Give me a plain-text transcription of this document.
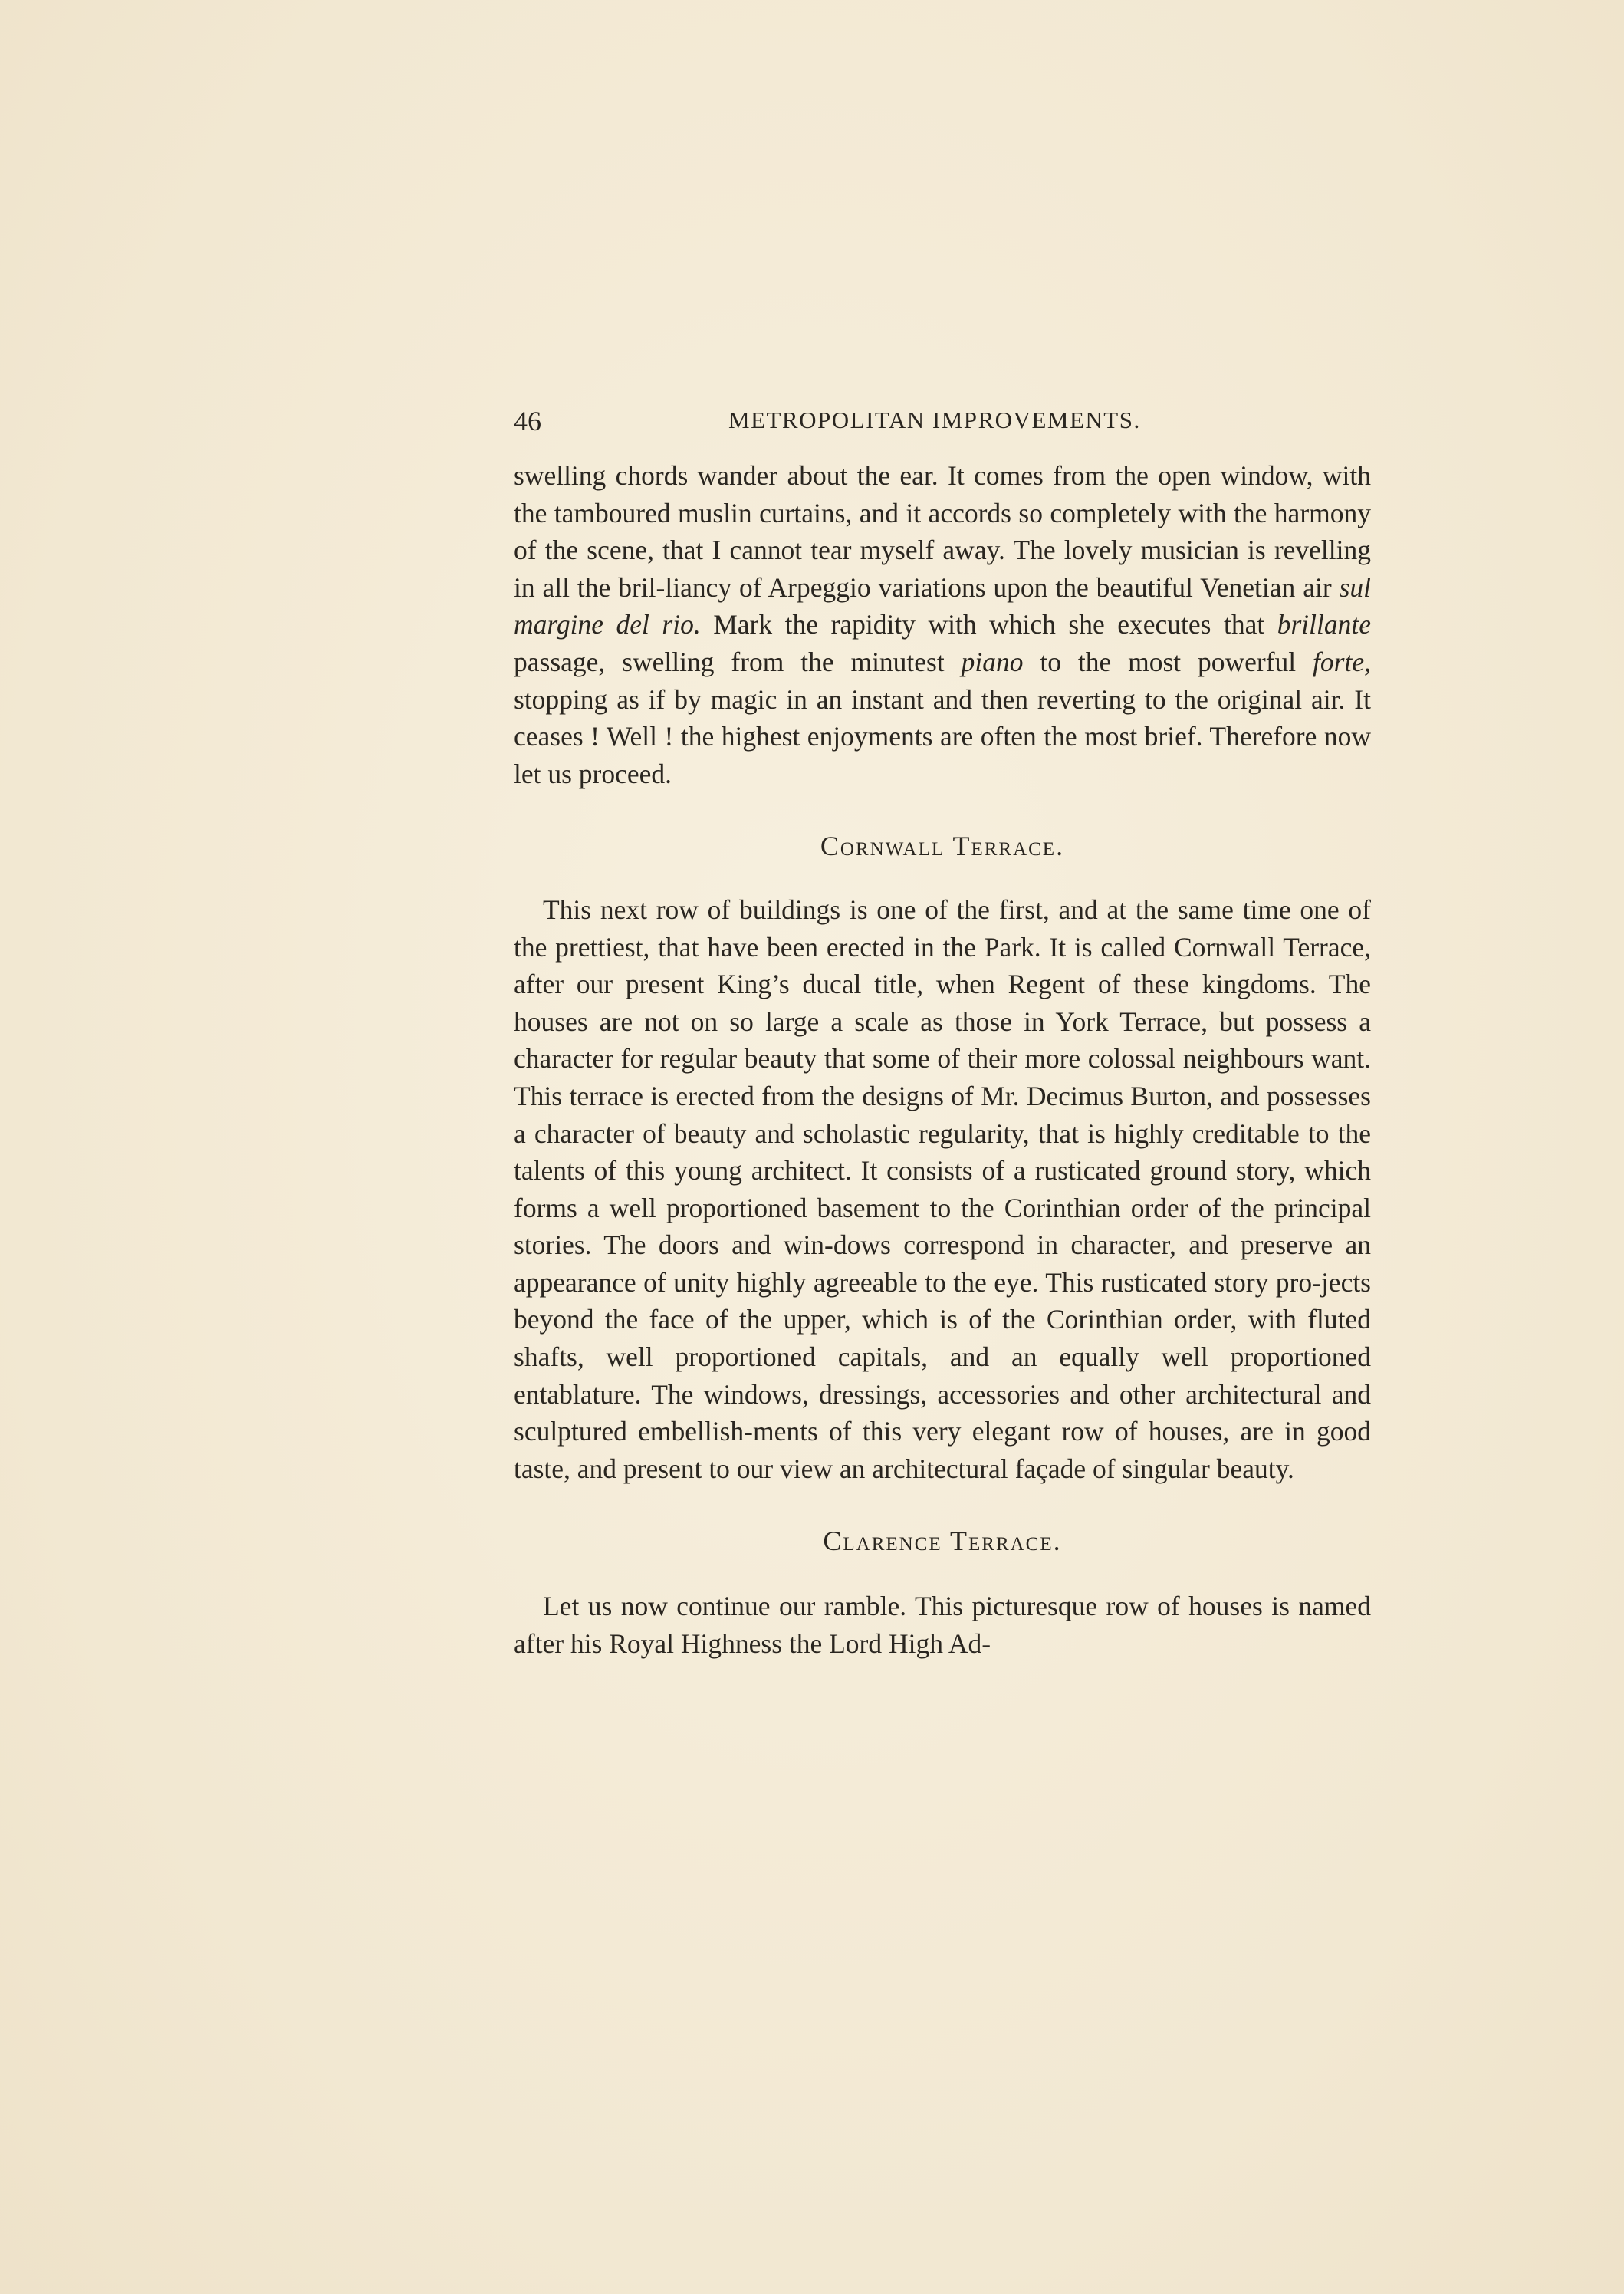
46	METROPOLITAN IMPROVEMENTS.

swelling chords wander about the ear. It comes from the open window, with the tamboured muslin curtains, and it accords so completely with the harmony of the scene, that I cannot tear myself away. The lovely musician is revelling in all the bril-liancy of Arpeggio variations upon the beautiful Venetian air sul margine del rio. Mark the rapidity with which she executes that brillante passage, swelling from the minutest piano to the most powerful forte, stopping as if by magic in an instant and then reverting to the original air. It ceases ! Well ! the highest enjoyments are often the most brief. Therefore now let us proceed.

Cornwall Terrace.

This next row of buildings is one of the first, and at the same time one of the prettiest, that have been erected in the Park. It is called Cornwall Terrace, after our present King’s ducal title, when Regent of these kingdoms. The houses are not on so large a scale as those in York Terrace, but possess a character for regular beauty that some of their more colossal neighbours want. This terrace is erected from the designs of Mr. Decimus Burton, and possesses a character of beauty and scholastic regularity, that is highly creditable to the talents of this young architect. It consists of a rusticated ground story, which forms a well proportioned basement to the Corinthian order of the principal stories. The doors and win-dows correspond in character, and preserve an appearance of unity highly agreeable to the eye. This rusticated story pro-jects beyond the face of the upper, which is of the Corinthian order, with fluted shafts, well proportioned capitals, and an equally well proportioned entablature. The windows, dressings, accessories and other architectural and sculptured embellish-ments of this very elegant row of houses, are in good taste, and present to our view an architectural façade of singular beauty.

Clarence Terrace.

Let us now continue our ramble. This picturesque row of houses is named after his Royal Highness the Lord High Ad-
